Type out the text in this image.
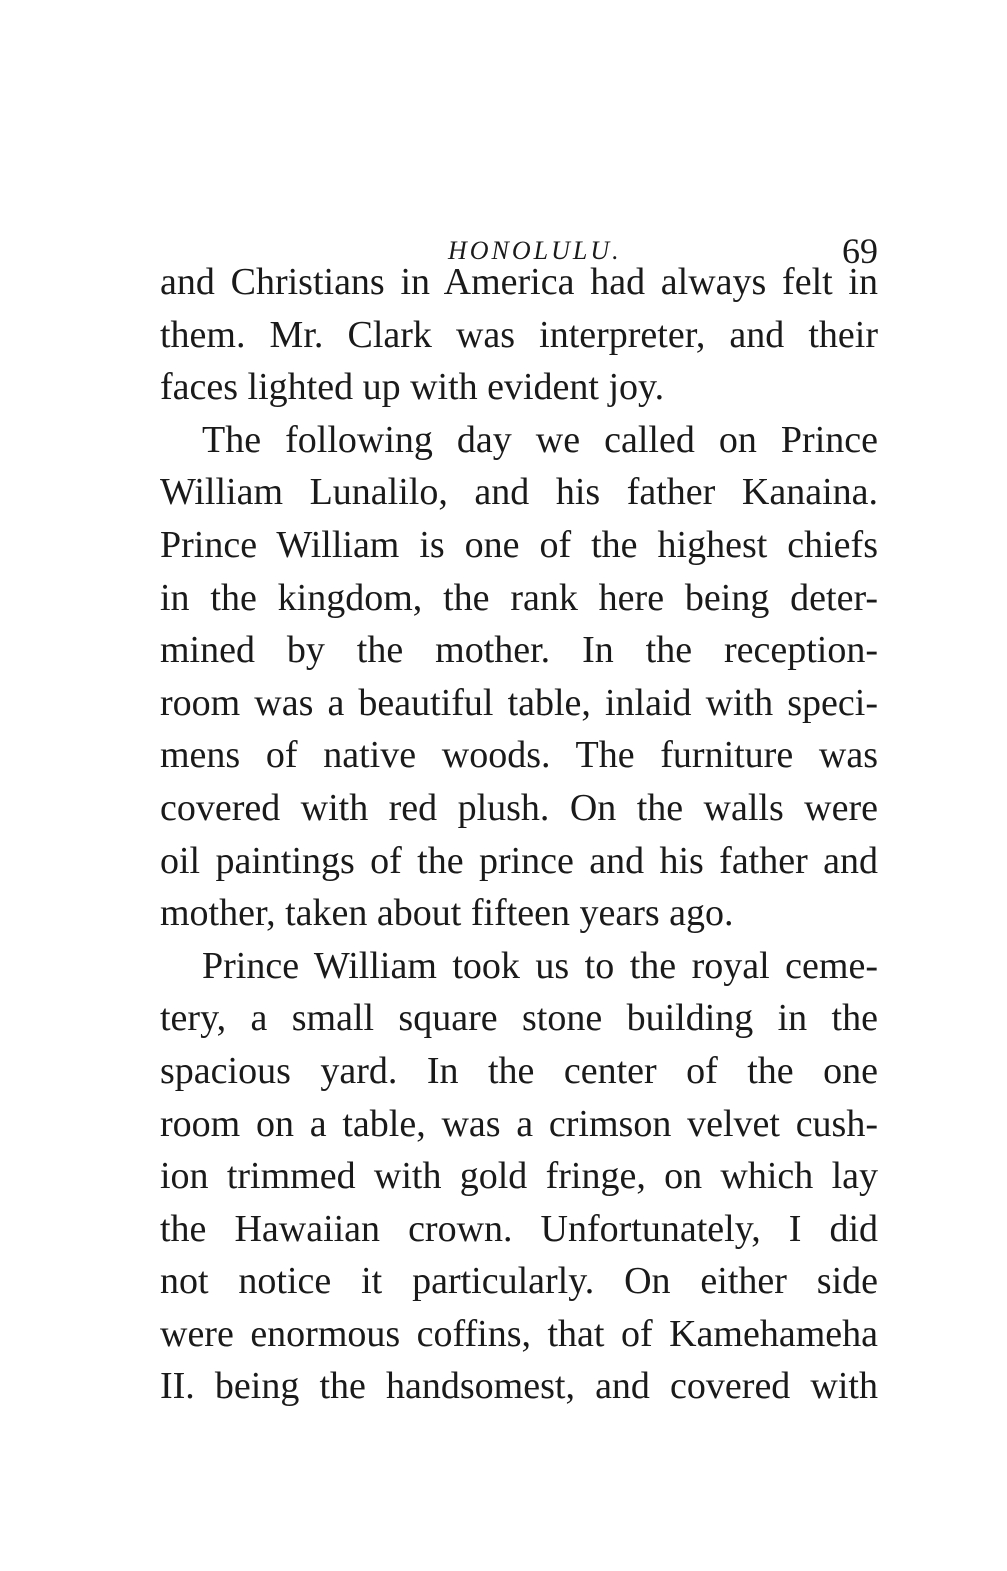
HONOLULU.	69
and Christians in America had always felt in
them. Mr. Clark was interpreter, and their
faces lighted up with evident joy.
The following day we called on Prince
William Lunalilo, and his father Kanaina.
Prince William is one of the highest chiefs
in the kingdom, the rank here being deter-
mined by the mother. In the reception-
room was a beautiful table, inlaid with speci-
mens of native woods. The furniture was
covered with red plush. On the walls were
oil paintings of the prince and his father and
mother, taken about fifteen years ago.
Prince William took us to the royal ceme-
tery, a small square stone building in the
spacious yard. In the center of the one
room on a table, was a crimson velvet cush-
ion trimmed with gold fringe, on which lay
the Hawaiian crown. Unfortunately, I did
not notice it particularly. On either side
were enormous coffins, that of Kamehameha
II. being the handsomest, and covered with
